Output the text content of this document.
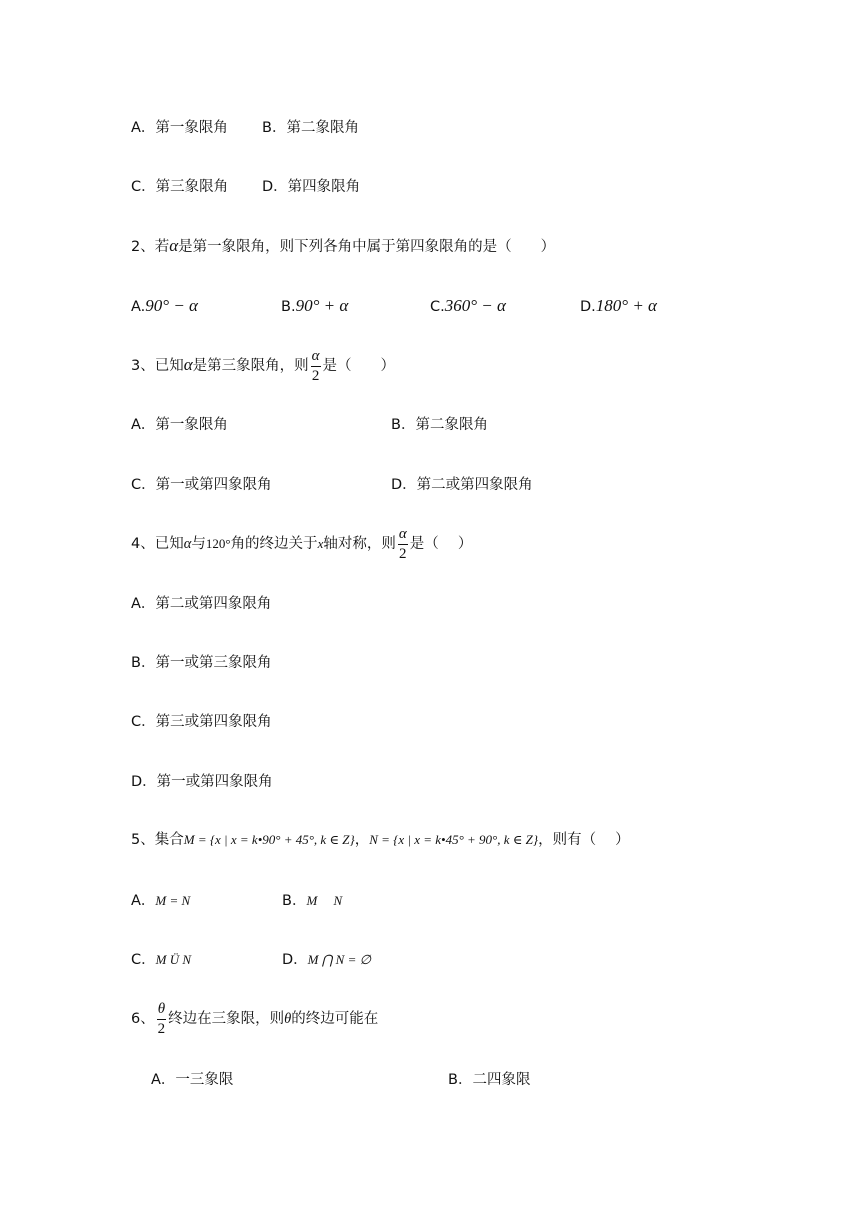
A．第一象限角 B．第二象限角
C．第三象限角 D．第四象限角
2、若α是第一象限角，则下列各角中属于第四象限角的是（　　）
A.90° − α	B.90° + α	C.360° − α	D.180° + α
3、已知α是第三象限角，则 $\frac{\alpha}{2}$ 是（　　）
A．第一象限角	B．第二象限角
C．第一或第四象限角	D．第二或第四象限角
4、已知α与120°角的终边关于x轴对称，则 $\frac{\alpha}{2}$ 是（　 ）
A．第二或第四象限角
B．第一或第三象限角
C．第三或第四象限角
D．第一或第四象限角
5、集合M = {x | x = k•90° + 45°, k ∈ Z}，N = {x | x = k•45° + 90°, k ∈ Z}，则有（　 ）
A．M = N	B．M　 N
C．M Ü N	D．M ⋂ N = ∅
6、 $\frac{\theta}{2}$ 终边在三象限，则θ的终边可能在
A．一三象限	B．二四象限
